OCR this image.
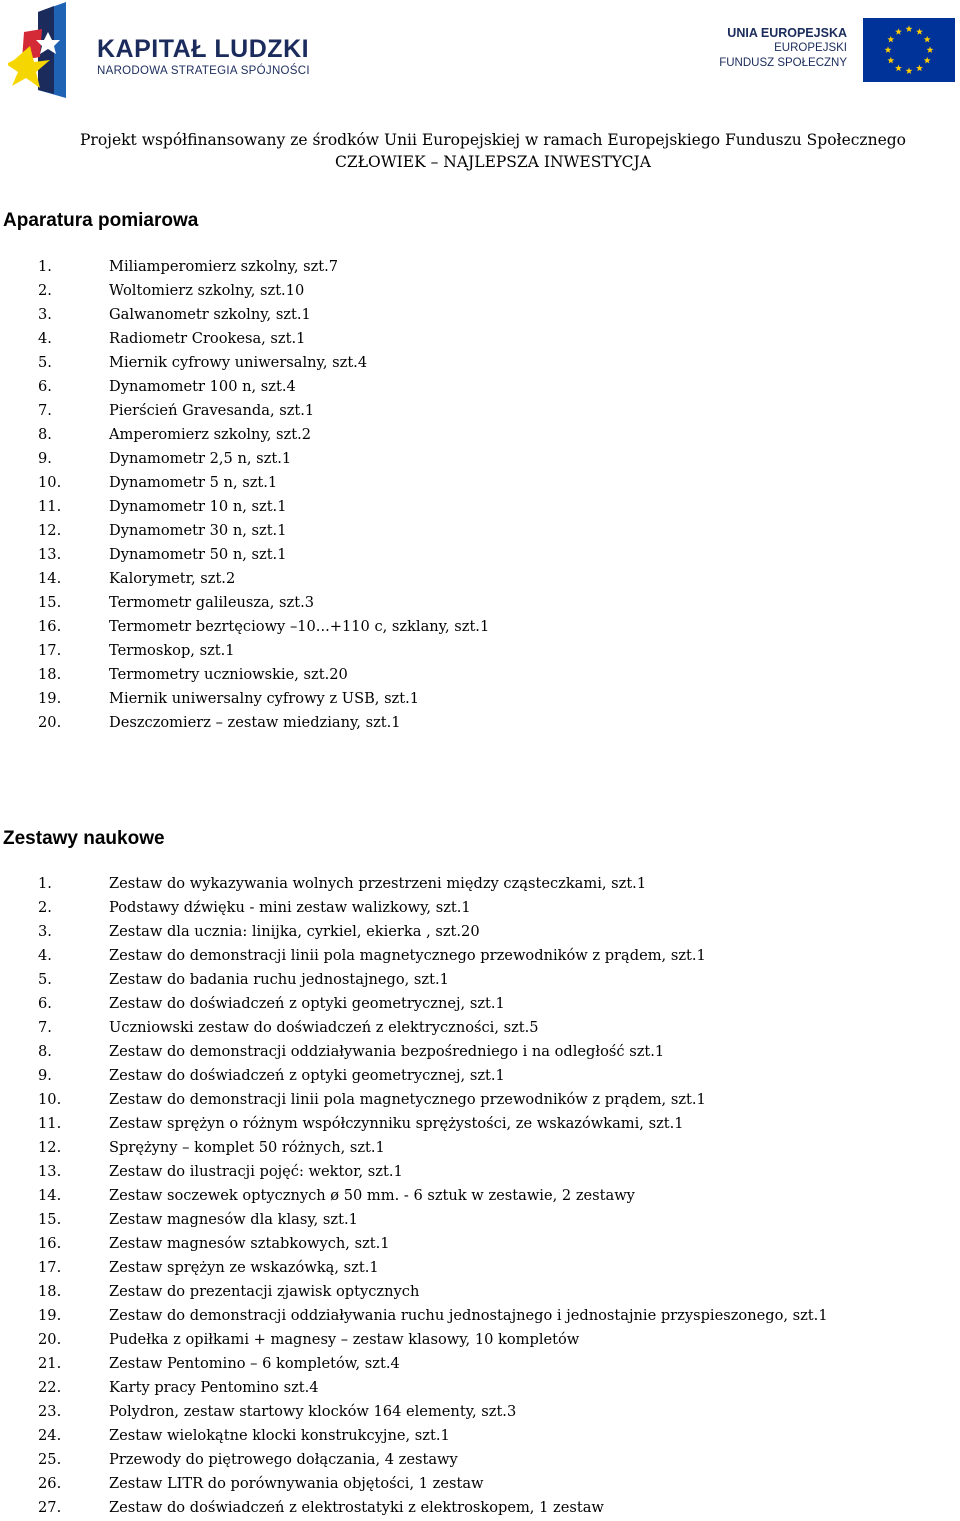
KAPITAŁ LUDZKI
NARODOWA STRATEGIA SPÓJNOŚCI
UNIA EUROPEJSKA
EUROPEJSKI
FUNDUSZ SPOŁECZNY
Projekt współfinansowany ze środków Unii Europejskiej w ramach Europejskiego Funduszu Społecznego
CZŁOWIEK – NAJLEPSZA INWESTYCJA
Aparatura pomiarowa
1.	Miliamperomierz szkolny, szt.7
2.	Woltomierz szkolny, szt.10
3.	Galwanometr szkolny, szt.1
4.	Radiometr Crookesa, szt.1
5.	Miernik cyfrowy uniwersalny, szt.4
6.	Dynamometr 100 n, szt.4
7.	Pierścień Gravesanda, szt.1
8.	Amperomierz szkolny, szt.2
9.	Dynamometr 2,5 n, szt.1
10.	Dynamometr 5 n, szt.1
11.	Dynamometr 10 n, szt.1
12.	Dynamometr 30 n, szt.1
13.	Dynamometr 50 n, szt.1
14.	Kalorymetr, szt.2
15.	Termometr galileusza, szt.3
16.	Termometr bezrtęciowy –10...+110 c, szklany, szt.1
17.	Termoskop, szt.1
18.	Termometry uczniowskie, szt.20
19.	Miernik uniwersalny cyfrowy z USB, szt.1
20.	Deszczomierz – zestaw miedziany, szt.1
Zestawy naukowe
1.	Zestaw do wykazywania wolnych przestrzeni między cząsteczkami, szt.1
2.	Podstawy dźwięku - mini zestaw walizkowy, szt.1
3.	Zestaw dla ucznia: linijka, cyrkiel, ekierka , szt.20
4.	Zestaw do demonstracji linii pola magnetycznego przewodników z prądem, szt.1
5.	Zestaw do badania ruchu jednostajnego, szt.1
6.	Zestaw do doświadczeń z optyki geometrycznej, szt.1
7.	Uczniowski zestaw do doświadczeń z elektryczności, szt.5
8.	Zestaw do demonstracji oddziaływania bezpośredniego i na odległość szt.1
9.	Zestaw do doświadczeń z optyki geometrycznej, szt.1
10.	Zestaw do demonstracji linii pola magnetycznego przewodników z prądem, szt.1
11.	Zestaw sprężyn o różnym współczynniku sprężystości, ze wskazówkami, szt.1
12.	Sprężyny – komplet 50 różnych, szt.1
13.	Zestaw do ilustracji pojęć: wektor, szt.1
14.	Zestaw soczewek optycznych ø 50 mm. - 6 sztuk w zestawie, 2 zestawy
15.	Zestaw magnesów dla klasy, szt.1
16.	Zestaw magnesów sztabkowych, szt.1
17.	Zestaw sprężyn ze wskazówką, szt.1
18.	Zestaw do prezentacji zjawisk optycznych
19.	Zestaw do demonstracji oddziaływania ruchu jednostajnego i jednostajnie przyspieszonego, szt.1
20.	Pudełka z opiłkami + magnesy – zestaw klasowy, 10 kompletów
21.	Zestaw Pentomino – 6 kompletów, szt.4
22.	Karty pracy Pentomino szt.4
23.	Polydron, zestaw startowy klocków 164 elementy, szt.3
24.	Zestaw wielokątne klocki konstrukcyjne, szt.1
25.	Przewody do piętrowego dołączania, 4 zestawy
26.	Zestaw LITR do porównywania objętości, 1 zestaw
27.	Zestaw do doświadczeń z elektrostatyki z elektroskopem, 1 zestaw
